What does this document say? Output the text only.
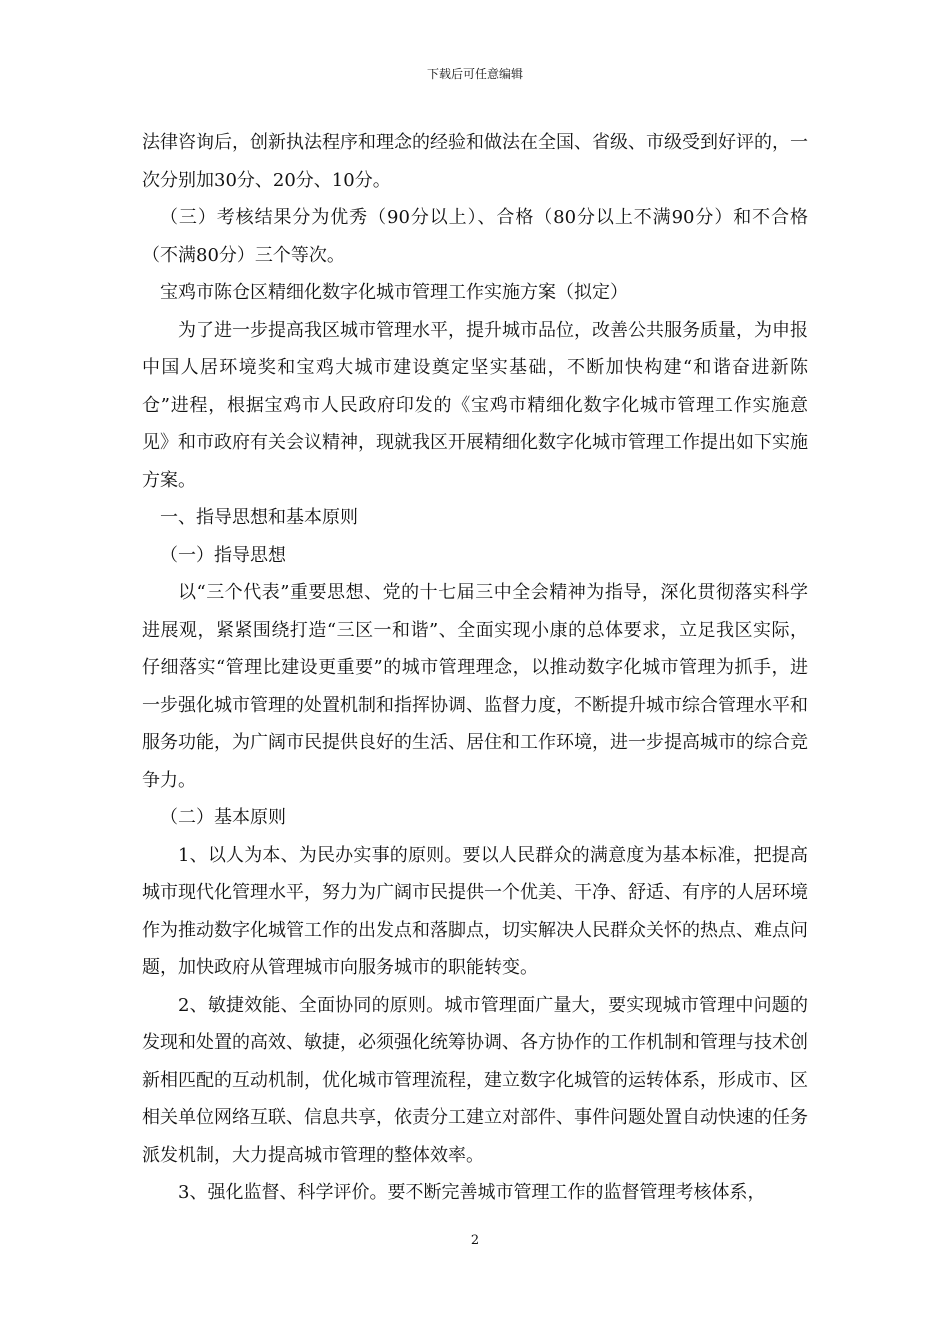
下载后可任意编辑

法律咨询后，创新执法程序和理念的经验和做法在全国、省级、市级受到好评的，一次分别加30分、20分、10分。

（三）考核结果分为优秀（90分以上）、合格（80分以上不满90分）和不合格（不满80分）三个等次。

宝鸡市陈仓区精细化数字化城市管理工作实施方案（拟定）

为了进一步提高我区城市管理水平，提升城市品位，改善公共服务质量，为申报中国人居环境奖和宝鸡大城市建设奠定坚实基础，不断加快构建“和谐奋进新陈仓”进程，根据宝鸡市人民政府印发的《宝鸡市精细化数字化城市管理工作实施意见》和市政府有关会议精神，现就我区开展精细化数字化城市管理工作提出如下实施方案。

一、指导思想和基本原则

（一）指导思想

以“三个代表”重要思想、党的十七届三中全会精神为指导，深化贯彻落实科学进展观，紧紧围绕打造“三区一和谐”、全面实现小康的总体要求，立足我区实际，仔细落实“管理比建设更重要”的城市管理理念，以推动数字化城市管理为抓手，进一步强化城市管理的处置机制和指挥协调、监督力度，不断提升城市综合管理水平和服务功能，为广阔市民提供良好的生活、居住和工作环境，进一步提高城市的综合竞争力。

（二）基本原则

1、以人为本、为民办实事的原则。要以人民群众的满意度为基本标准，把提高城市现代化管理水平，努力为广阔市民提供一个优美、干净、舒适、有序的人居环境作为推动数字化城管工作的出发点和落脚点，切实解决人民群众关怀的热点、难点问题，加快政府从管理城市向服务城市的职能转变。

2、敏捷效能、全面协同的原则。城市管理面广量大，要实现城市管理中问题的发现和处置的高效、敏捷，必须强化统筹协调、各方协作的工作机制和管理与技术创新相匹配的互动机制，优化城市管理流程，建立数字化城管的运转体系，形成市、区相关单位网络互联、信息共享，依责分工建立对部件、事件问题处置自动快速的任务派发机制，大力提高城市管理的整体效率。

3、强化监督、科学评价。要不断完善城市管理工作的监督管理考核体系，

2
